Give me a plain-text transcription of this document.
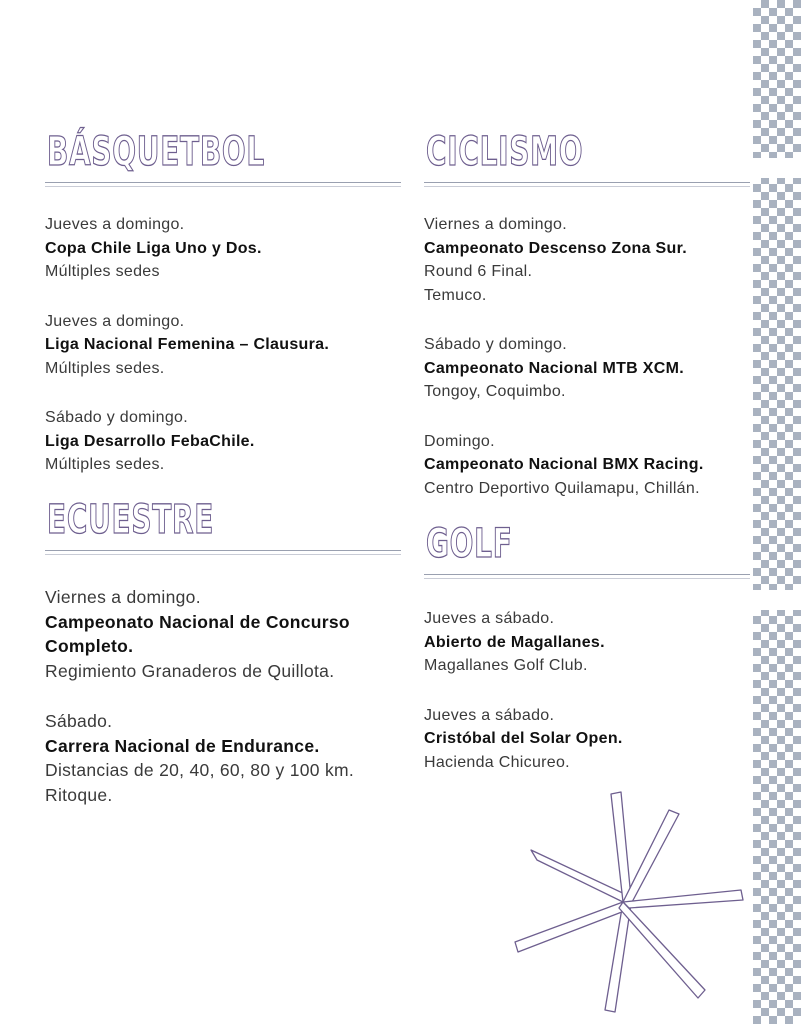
BÁSQUETBOL
Jueves a domingo.
Copa Chile Liga Uno y Dos.
Múltiples sedes
Jueves a domingo.
Liga Nacional Femenina – Clausura.
Múltiples sedes.
Sábado y domingo.
Liga Desarrollo FebaChile.
Múltiples sedes.
ECUESTRE
Viernes a domingo.
Campeonato Nacional de Concurso
Completo.
Regimiento Granaderos de Quillota.
Sábado.
Carrera Nacional de Endurance.
Distancias de 20, 40, 60, 80 y 100 km.
Ritoque.
CICLISMO
Viernes a domingo.
Campeonato Descenso Zona Sur.
Round 6 Final.
Temuco.
Sábado y domingo.
Campeonato Nacional MTB XCM.
Tongoy, Coquimbo.
Domingo.
Campeonato Nacional BMX Racing.
Centro Deportivo Quilamapu, Chillán.
GOLF
Jueves a sábado.
Abierto de Magallanes.
Magallanes Golf Club.
Jueves a sábado.
Cristóbal del Solar Open.
Hacienda Chicureo.
